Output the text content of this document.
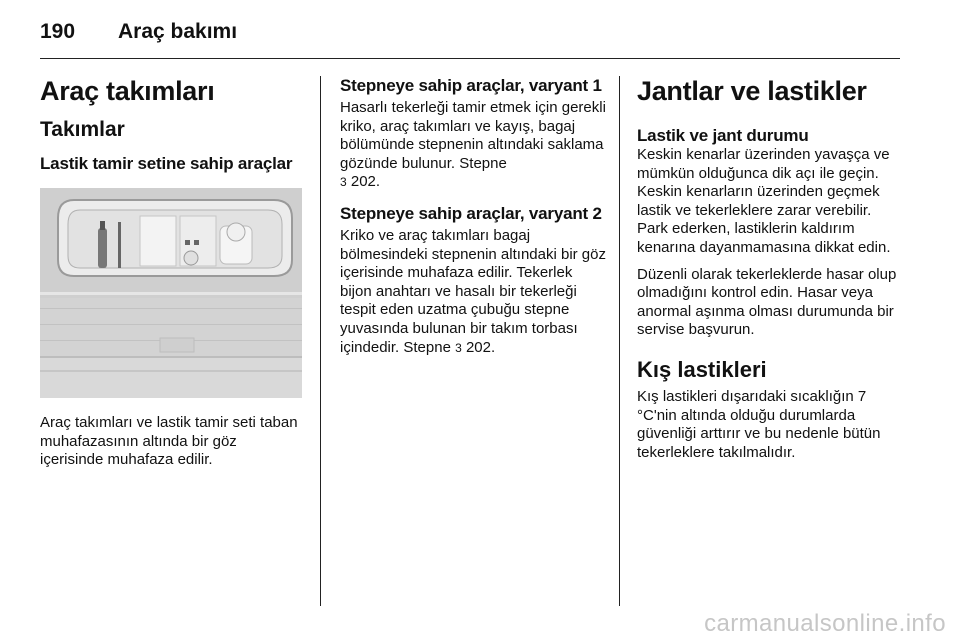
190 Araç bakımı
Araç takımları
Takımlar
Lastik tamir setine sahip araçlar

Araç takımları ve lastik tamir seti taban muhafazasının altında bir göz içerisinde muhafaza edilir.

Stepneye sahip araçlar, varyant 1

Hasarlı tekerleği tamir etmek için gerekli kriko, araç takımları ve kayış, bagaj bölümünde stepnenin altındaki saklama gözünde bulunur. Stepne
3 202.

Stepneye sahip araçlar, varyant 2

Kriko ve araç takımları bagaj bölmesindeki stepnenin altındaki bir göz içerisinde muhafaza edilir. Tekerlek bijon anahtarı ve hasalı bir tekerleği tespit eden uzatma çubuğu stepne yuvasında bulunan bir takım torbası içindedir. Stepne 3 202.

Jantlar ve lastikler
Lastik ve jant durumu

Keskin kenarlar üzerinden yavaşça ve mümkün olduğunca dik açı ile geçin. Keskin kenarların üzerinden geçmek lastik ve tekerleklere zarar verebilir. Park ederken, lastiklerin kaldırım kenarına dayanmamasına dikkat edin.

Düzenli olarak tekerleklerde hasar olup olmadığını kontrol edin. Hasar veya anormal aşınma olması durumunda bir servise başvurun.

Kış lastikleri

Kış lastikleri dışarıdaki sıcaklığın 7 °C'nin altında olduğu durumlarda güvenliği arttırır ve bu nedenle bütün tekerleklere takılmalıdır.

carmanualsonline.info
